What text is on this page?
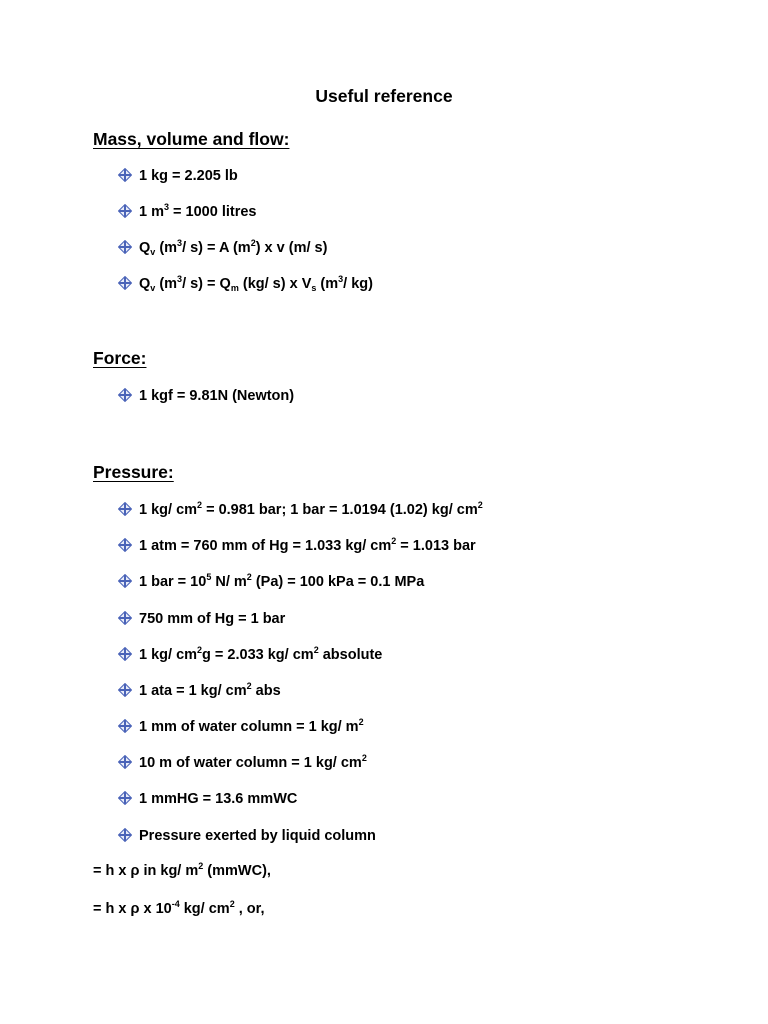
Useful reference
Mass, volume and flow:
1 kg = 2.205 lb
1 $m^3 = 1000$ litres
$Q_v$ ($m^3/$ s) = A $(m^2)$ x v (m/ s)
$Q_v$ ($m^3/$ $s) = Q_m$ (kg/ s) x $V_s$ ($m^3/$ kg)
Force:
1 kgf = 9.81N (Newton)
Pressure:
1 kg/ $cm^2 = 0.981$ bar; 1 bar = 1.0194 (1.02) kg/ $cm^2$
1 atm = 760 mm of Hg = 1.033 kg/ $cm^2 = 1.013$ bar
1 bar = $10^5$ N/ $m^2$ (Pa) = 100 kPa = 0.1 MPa
750 mm of Hg = 1 bar
1 kg/ $cm^2g = 2.033$ kg/ $cm^2$ absolute
1 ata = 1 kg/ $cm^2$ abs
1 mm of water column = 1 kg/ $m^2$
10 m of water column = 1 kg/ $cm^2$
1 mmHG = 13.6 mmWC
Pressure exerted by liquid column
= h x ρ in kg/ $m^2$ (mmWC),
= h x ρ x $10^{-4}$ kg/ $cm^2$ , or,
